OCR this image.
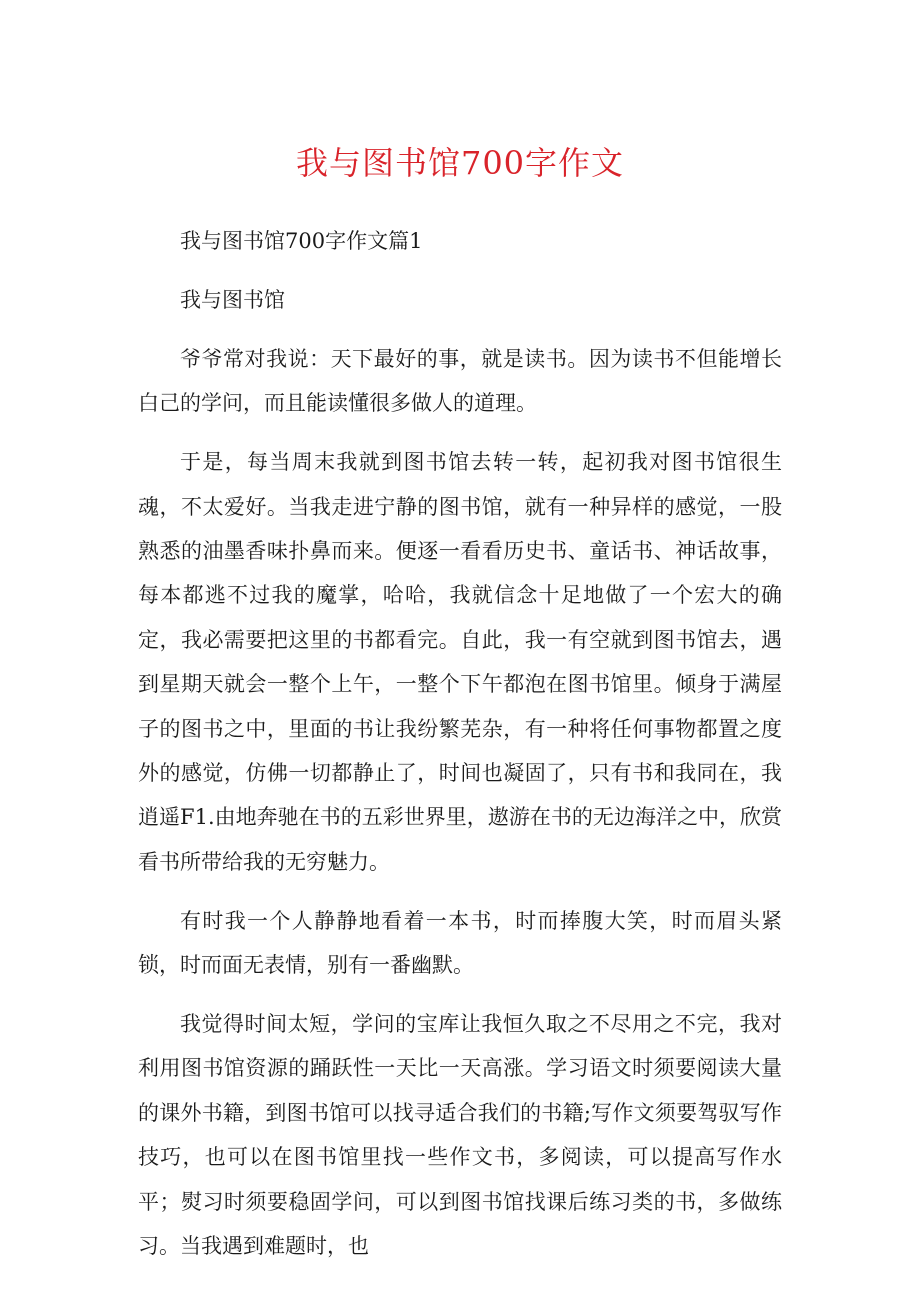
我与图书馆700字作文

我与图书馆700字作文篇1

我与图书馆

爷爷常对我说：天下最好的事，就是读书。因为读书不但能增长白己的学问，而且能读懂很多做人的道理。

于是，每当周末我就到图书馆去转一转，起初我对图书馆很生魂，不太爱好。当我走进宁静的图书馆，就有一种异样的感觉，一股熟悉的油墨香味扑鼻而来。便逐一看看历史书、童话书、神话故事，每本都逃不过我的魔掌，哈哈，我就信念十足地做了一个宏大的确定，我必需要把这里的书都看完。自此，我一有空就到图书馆去，遇到星期天就会一整个上午，一整个下午都泡在图书馆里。倾身于满屋子的图书之中，里面的书让我纷繁芜杂，有一种将任何事物都置之度外的感觉，仿佛一切都静止了，时间也凝固了，只有书和我同在，我逍遥F1.由地奔驰在书的五彩世界里，遨游在书的无边海洋之中，欣赏看书所带给我的无穷魅力。

有时我一个人静静地看着一本书，时而捧腹大笑，时而眉头紧锁，时而面无表情，别有一番幽默。

我觉得时间太短，学问的宝库让我恒久取之不尽用之不完，我对利用图书馆资源的踊跃性一天比一天高涨。学习语文时须要阅读大量的课外书籍，到图书馆可以找寻适合我们的书籍;写作文须要驾驭写作技巧，也可以在图书馆里找一些作文书，多阅读，可以提高写作水平；熨习时须要稳固学问，可以到图书馆找课后练习类的书，多做练习。当我遇到难题时，也
